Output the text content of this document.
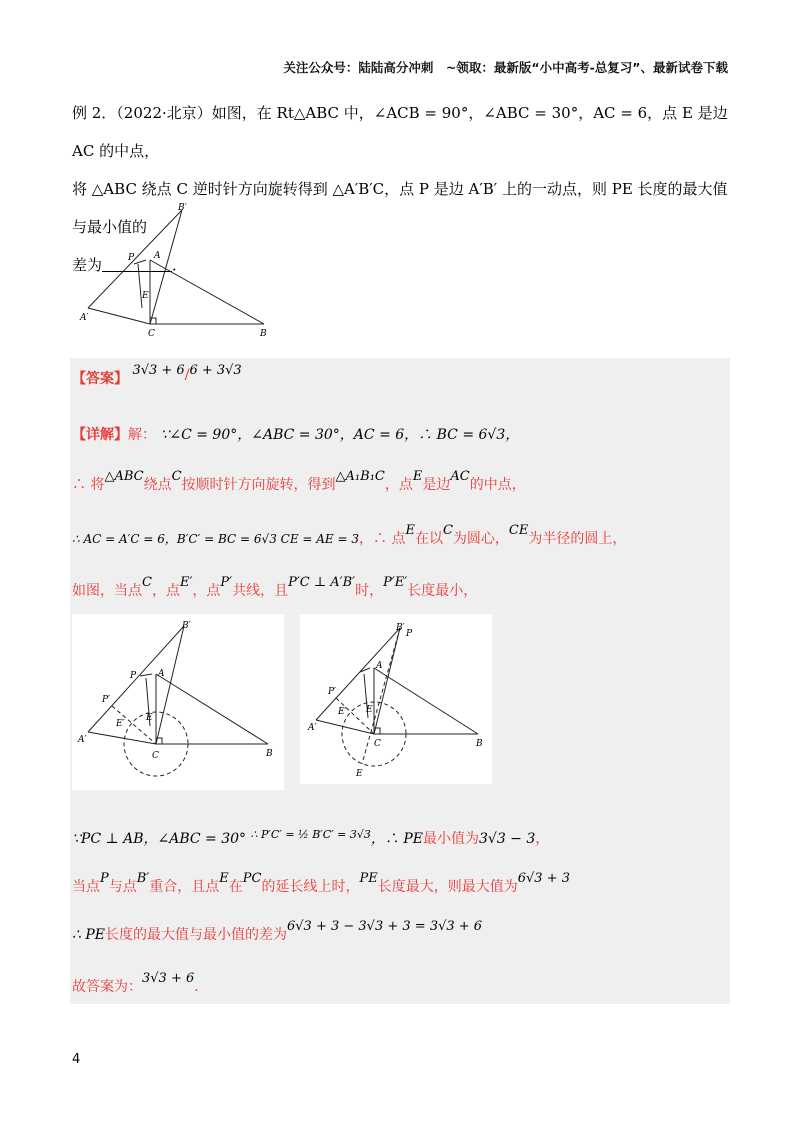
关注公众号：陆陆高分冲刺　~领取：最新版“小中高考-总复习”、最新试卷下载
例 2．（2022·北京）如图，在 Rt△ABC 中，∠ACB = 90°，∠ABC = 30°，AC = 6，点 E 是边 AC 的中点，
将 △ABC 绕点 C 逆时针方向旋转得到 △A′B′C，点 P 是边 A′B′ 上的一动点，则 PE 长度的最大值与最小值的
差为	．
B′
P A
E
A′
C	B
【答案】 3√3 + 6/6 + 3√3
【详解】解： ∵∠C = 90°，∠ABC = 30°，AC = 6，∴ BC = 6√3，
∴ 将△ABC绕点C按顺时针方向旋转，得到△A₁B₁C，点E是边AC的中点，
∴ AC = A′C = 6，B′C′ = BC = 6√3 CE = AE = 3，∴ 点E在以C为圆心，CE为半径的圆上，
如图，当点C，点E′，点P′共线，且P′C ⊥ A′B′时，P′E′长度最小，
B′
P A
P′
E′
E
A′
C	B
B′
P
A
P′
E′ E
A′
C	B
E
∵PC ⊥ AB，∠ABC = 30° $^{\therefore P'C' = \frac{1}{2} B'C' = 3√3}$，∴ PE最小值为3√3 − 3，
当点P与点B′重合，且点E在PC的延长线上时，PE长度最大，则最大值为6√3 + 3
∴ PE长度的最大值与最小值的差为6√3 + 3 − 3√3 + 3 = 3√3 + 6
故答案为：3√3 + 6．
4
